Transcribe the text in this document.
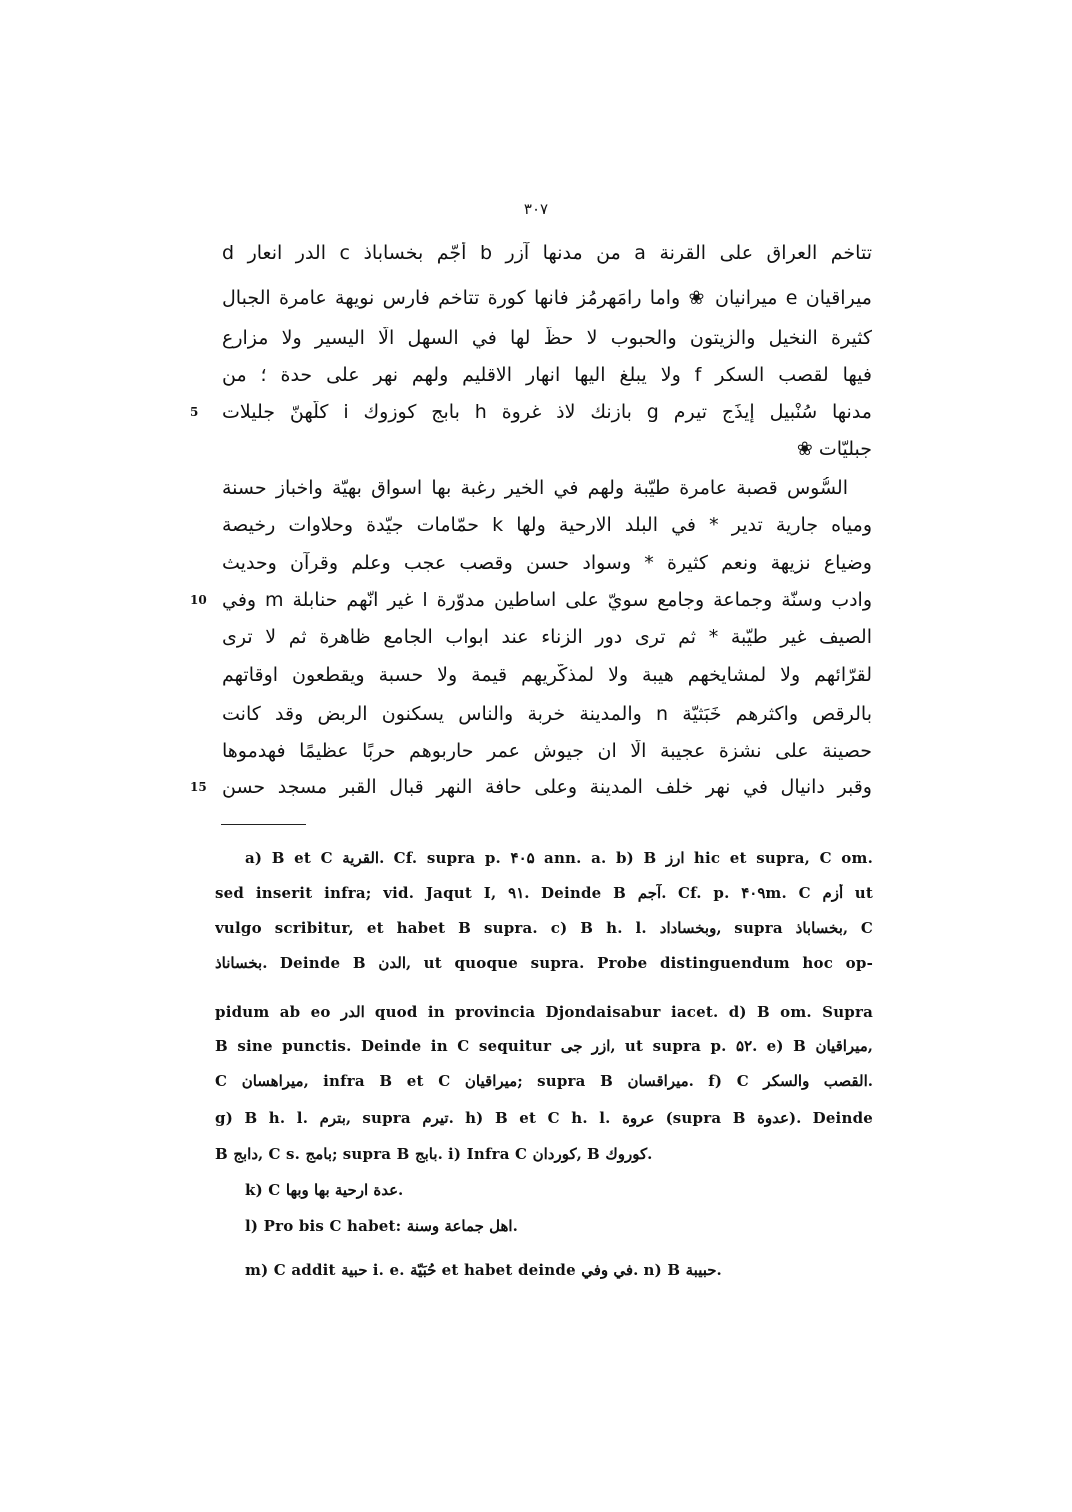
۳۰۷
تتاخم العراق على القرنة a من مدنها آزر b أُجّم بخساباذ c الدر انعار d
ميراقيان e ميرانيان ❀ واما رامَهرمُز فانها كورة تتاخم فارس نويهة عامرة الجبال
كثيرة النخيل والزيتون والحبوب لا حظّ لها في السهل الّا اليسير ولا مزارع
فيها لقصب السكر f ولا يبلغ اليها انهار الاقليم ولهم نهر على حدة ؛ من
مدنها سُنْبيل إيذَج تيرم g بازنك لاذ غروة h بابج كوزوك i كلّهنّ جليلات
5
جبليّات ❀
السُّوس قصبة عامرة طيّبة ولهم في الخير رغبة بها اسواق بهيّة واخباز حسنة
ومياه جارية تدير * في البلد الارحية ولها k حمّامات جيّدة وحلاوات رخيصة
وضياع نزيهة ونعم كثيرة * وسواد حسن وقصب عجب وعلم وقرآن وحديث
وادب وسنّة وجماعة وجامع سويّ على اساطين مدوّرة l غير انّهم حنابلة m وفي
10
الصيف غير طيّبة * ثم ترى دور الزناء عند ابواب الجامع ظاهرة ثم لا ترى
لقرّائهم ولا لمشايخهم هيبة ولا لمذكّريهم قيمة ولا حسبة ويقطعون اوقاتهم
بالرقص واكثرهم خَبَثيّة n والمدينة خربة والناس يسكنون الربض وقد كانت
حصينة على نشزة عجيبة الّا ان جيوش عمر حاربوهم حربًا عظيمًا فهدموها
وقبر دانيال في نهر خلف المدينة وعلى حافة النهر قبال القبر مسجد حسن
15
a) B et C القرية. Cf. supra p. ۴۰۵ ann. a. b) B ارز hic et supra, C om.
sed inserit infra; vid. Jaqut I, ۹۱. Deinde B آجم. Cf. p. ۴۰۹m. C أَزم ut
vulgo scribitur, et habet B supra. c) B h. l. وبخساداد, supra بخساباذ, C
بخساناذ. Deinde B الدن, ut quoque supra. Probe distinguendum hoc op-
pidum ab eo الدر quod in provincia Djondaisabur iacet. d) B om. Supra
B sine punctis. Deinde in C sequitur ازر جى, ut supra p. ۵۲. e) B ميراقيان,
C ميراهسان, infra B et C ميراقيان; supra B ميراقسان. f) C القصب والسكر.
g) B h. l. بترم, supra تيرم. h) B et C h. l. عروة (supra B عدوة). Deinde
B دابج, C s. بامج; supra B بابج. i) Infra C كوردان, B كوروك.
k) C عدة ارحية بها وبها.
l) Pro bis C habet: اهل جماعة وسنة.
m) C addit حبية i. e. حُبَيّة et habet deinde في وفي. n) B حبيبة.
